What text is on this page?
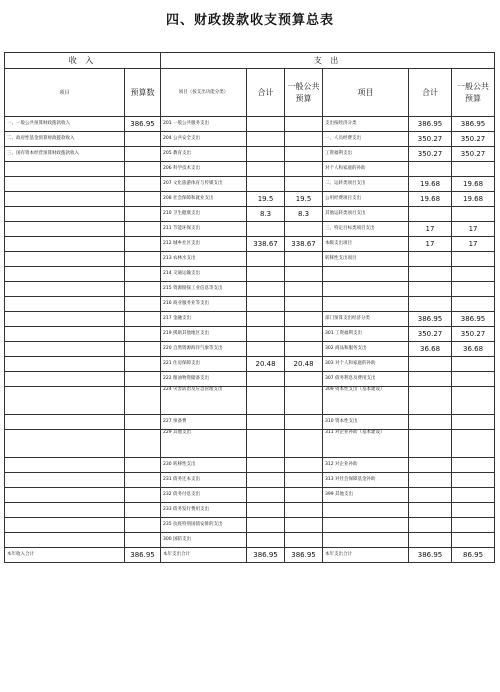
四、财政拨款收支预算总表
收 入		支 出					
项目	预算数	项目（按支出功能分类）	合计	一般公共预算	项目	合计	一般公共预算
一、一般公共预算财政拨款收入	386.95	201 一般公共服务支出			支出按经济分类	386.95	386.95
二、政府性基金预算财政拨款收入		204 公共安全支出			一、人员经费支出	350.27	350.27
三、国有资本经营预算财政拨款收入		205 教育支出			工资福利支出	350.27	350.27
		206 科学技术支出			对个人和家庭的补助		
		207 文化旅游体育与传媒支出			二、运转类项目支出	19.68	19.68
		208 社会保障和就业支出	19.5	19.5	公用经费项目支出	19.68	19.68
		210 卫生健康支出	8.3	8.3	其他运转类项目支出		
		211 节能环保支出			三、特定目标类项目支出	17	17
		212 城乡社区支出	338.67	338.67	本级支出项目	17	17
		213 农林水支出			转移性支出项目		
		214 交通运输支出					
		215 资源勘探工业信息等支出					
		216 商业服务业等支出					
		217 金融支出			部门预算支出经济分类	386.95	386.95
		219 援助其他地区支出			301 工资福利支出	350.27	350.27
		220 自然资源海洋气象等支出			302 商品和服务支出	36.68	36.68
		221 住房保障支出	20.48	20.48	303 对个人和家庭的补助		
		222 粮油物资储备支出			307 债务利息及费用支出		
		224 灾害防治及应急管理支出			309 资本性支出（基本建设）		
		227 预备费			310 资本性支出		
		229 其他支出			311 对企业补助（基本建设）		
		230 转移性支出			312 对企业补助		
		231 债务还本支出			313 对社会保障基金补助		
		232 债务付息支出			399 其他支出		
		233 债务发行费用支出					
		235 抗疫特别国债安排的支出					
		300 国防支出					
本年收入合计	386.95	本年支出合计	386.95	386.95	本年支出合计	386.95	86.95
